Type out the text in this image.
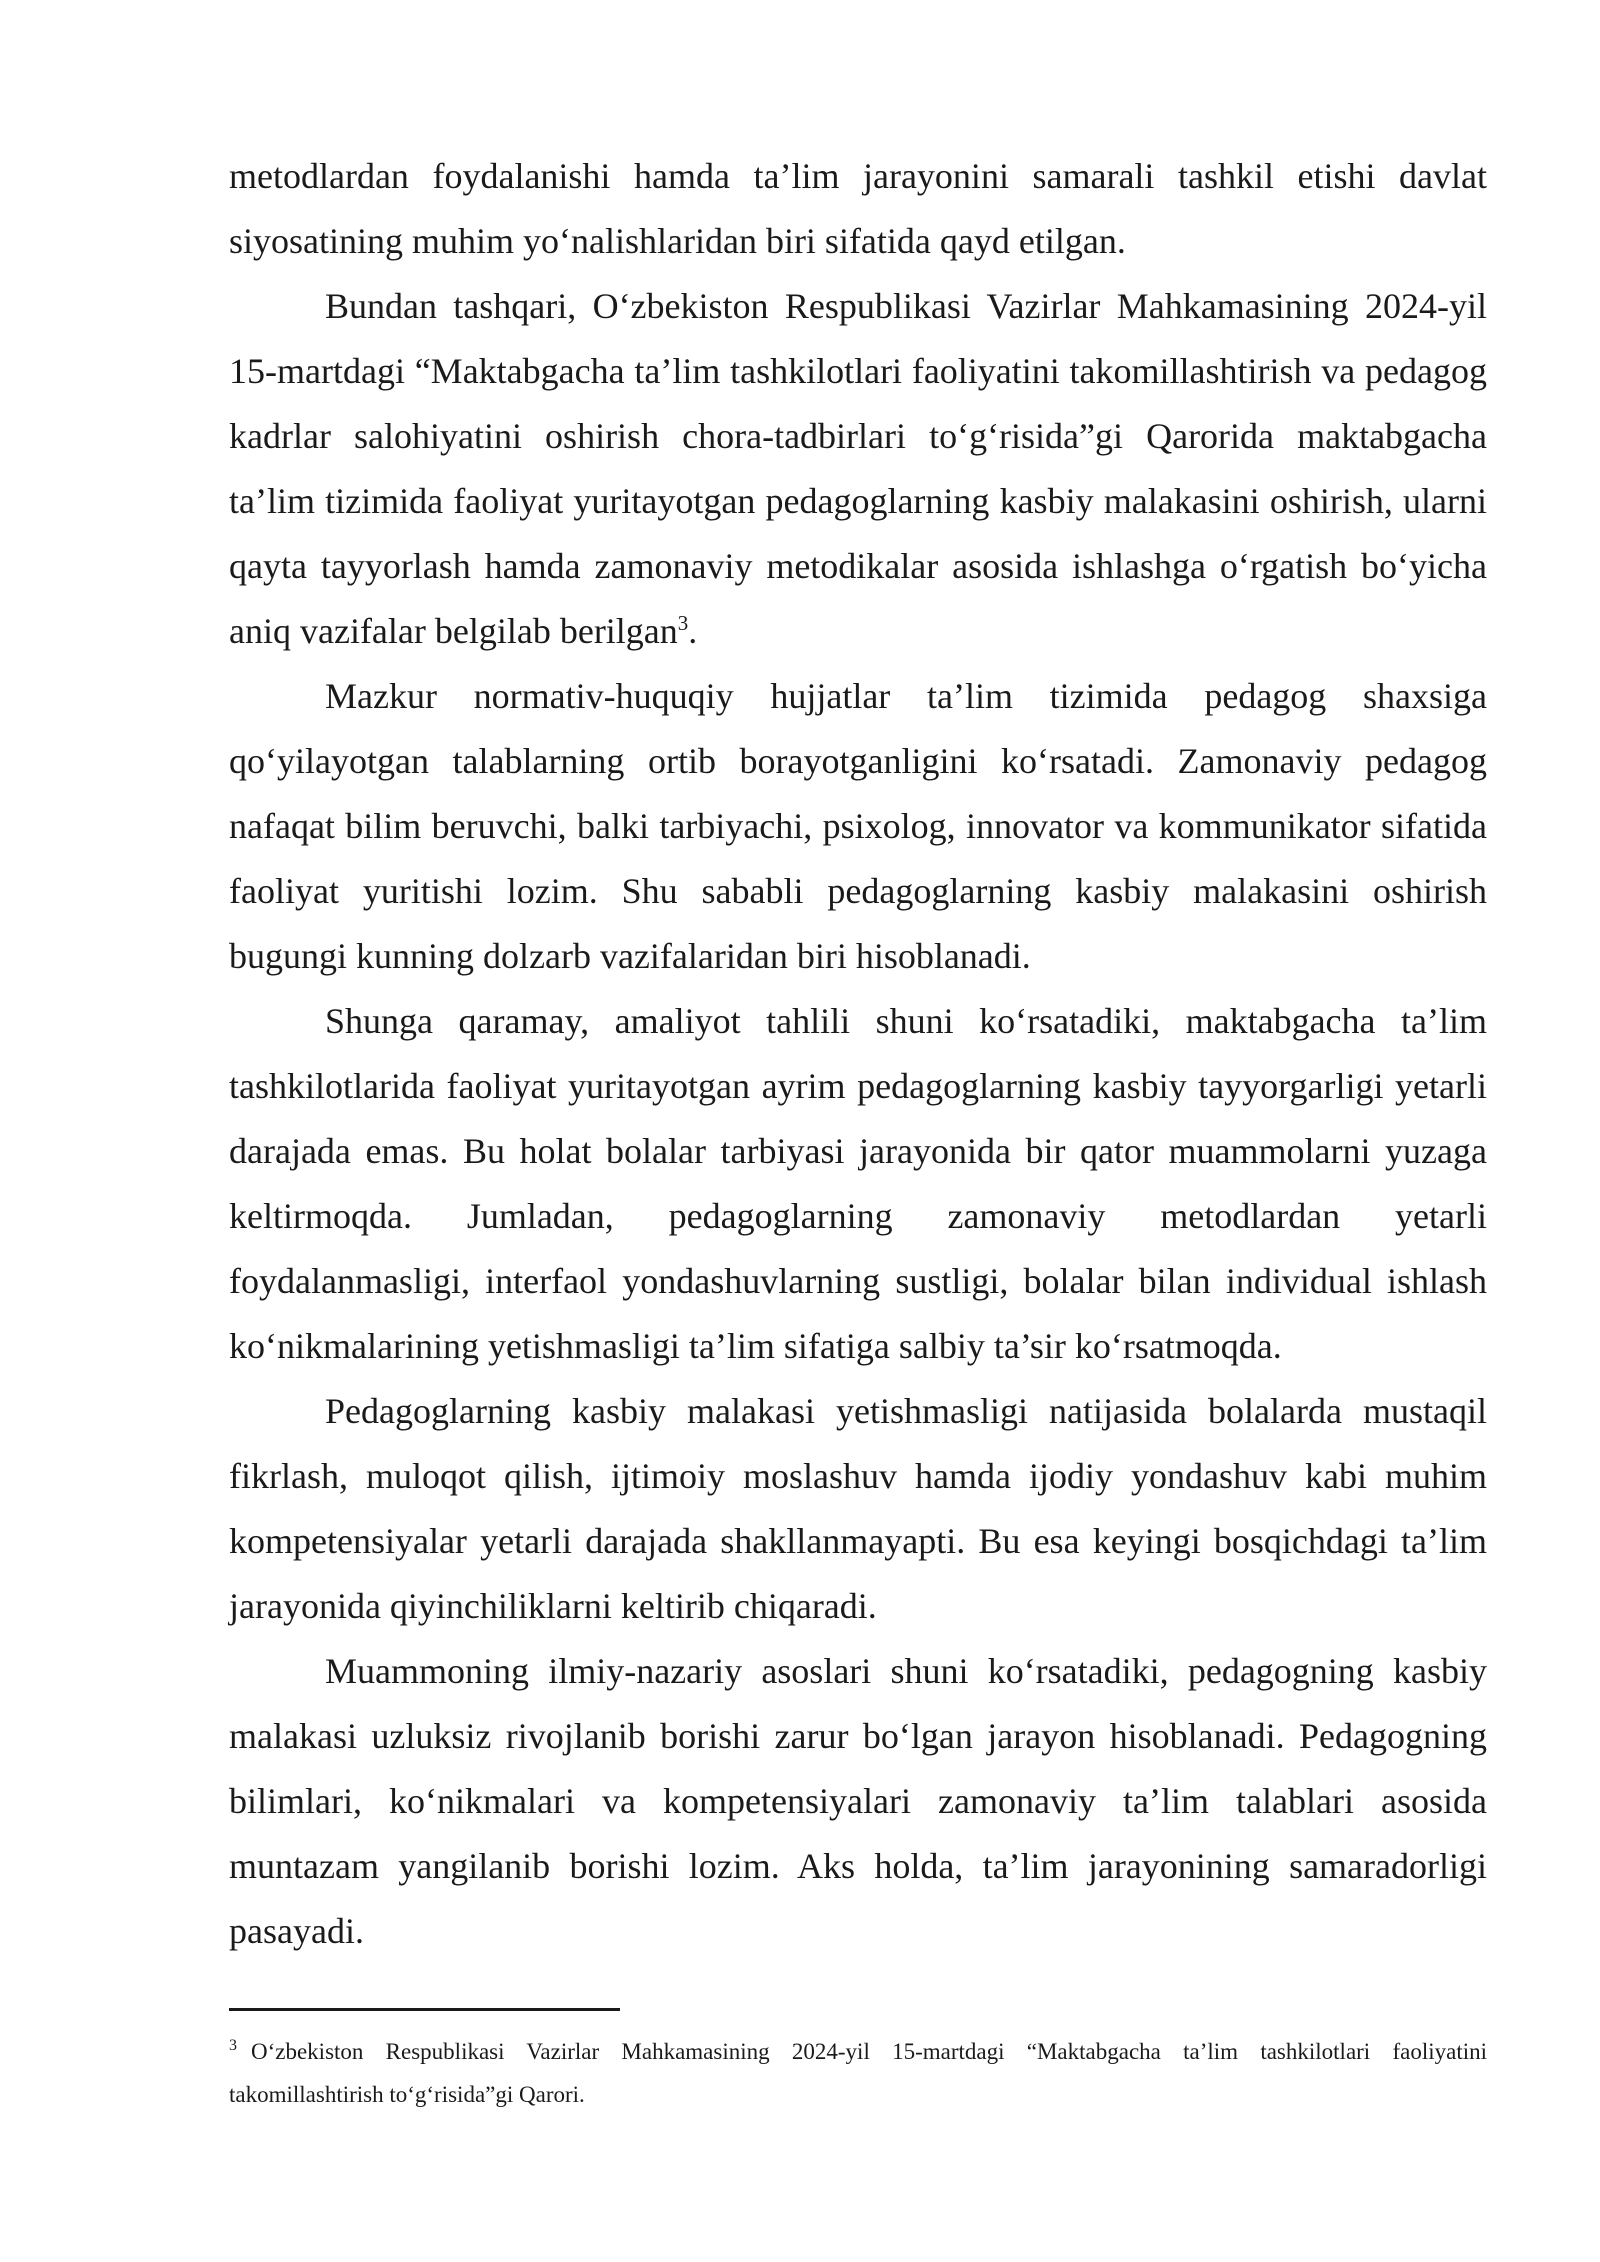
metodlardan foydalanishi hamda ta’lim jarayonini samarali tashkil etishi davlat siyosatining muhim yo‘nalishlaridan biri sifatida qayd etilgan.

Bundan tashqari, O‘zbekiston Respublikasi Vazirlar Mahkamasining 2024-yil 15-martdagi “Maktabgacha ta’lim tashkilotlari faoliyatini takomillashtirish va pedagog kadrlar salohiyatini oshirish chora-tadbirlari to‘g‘risida”gi Qarorida maktabgacha ta’lim tizimida faoliyat yuritayotgan pedagoglarning kasbiy malakasini oshirish, ularni qayta tayyorlash hamda zamonaviy metodikalar asosida ishlashga o‘rgatish bo‘yicha aniq vazifalar belgilab berilgan$^3$.

Mazkur normativ-huquqiy hujjatlar ta’lim tizimida pedagog shaxsiga qo‘yilayotgan talablarning ortib borayotganligini ko‘rsatadi. Zamonaviy pedagog nafaqat bilim beruvchi, balki tarbiyachi, psixolog, innovator va kommunikator sifatida faoliyat yuritishi lozim. Shu sababli pedagoglarning kasbiy malakasini oshirish bugungi kunning dolzarb vazifalaridan biri hisoblanadi.

Shunga qaramay, amaliyot tahlili shuni ko‘rsatadiki, maktabgacha ta’lim tashkilotlarida faoliyat yuritayotgan ayrim pedagoglarning kasbiy tayyorgarligi yetarli darajada emas. Bu holat bolalar tarbiyasi jarayonida bir qator muammolarni yuzaga keltirmoqda. Jumladan, pedagoglarning zamonaviy metodlardan yetarli foydalanmasligi, interfaol yondashuvlarning sustligi, bolalar bilan individual ishlash ko‘nikmalarining yetishmasligi ta’lim sifatiga salbiy ta’sir ko‘rsatmoqda.

Pedagoglarning kasbiy malakasi yetishmasligi natijasida bolalarda mustaqil fikrlash, muloqot qilish, ijtimoiy moslashuv hamda ijodiy yondashuv kabi muhim kompetensiyalar yetarli darajada shakllanmayapti. Bu esa keyingi bosqichdagi ta’lim jarayonida qiyinchiliklarni keltirib chiqaradi.

Muammoning ilmiy-nazariy asoslari shuni ko‘rsatadiki, pedagogning kasbiy malakasi uzluksiz rivojlanib borishi zarur bo‘lgan jarayon hisoblanadi. Pedagogning bilimlari, ko‘nikmalari va kompetensiyalari zamonaviy ta’lim talablari asosida muntazam yangilanib borishi lozim. Aks holda, ta’lim jarayonining samaradorligi pasayadi.

$^3$ O‘zbekiston Respublikasi Vazirlar Mahkamasining 2024-yil 15-martdagi “Maktabgacha ta’lim tashkilotlari faoliyatini takomillashtirish to‘g‘risida”gi Qarori.
